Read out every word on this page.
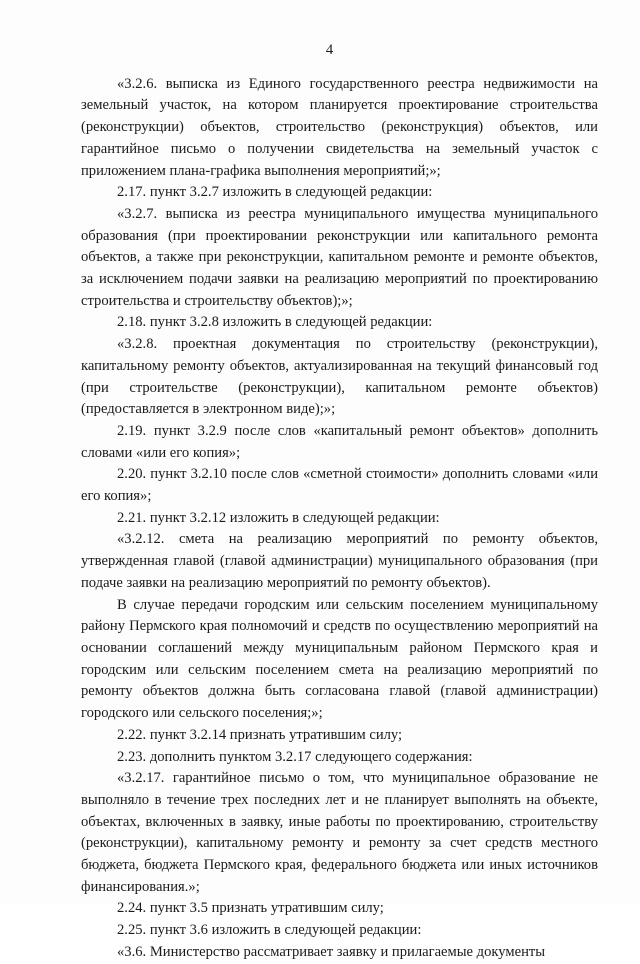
4

«3.2.6. выписка из Единого государственного реестра недвижимости на земельный участок, на котором планируется проектирование строительства (реконструкции) объектов, строительство (реконструкция) объектов, или гарантийное письмо о получении свидетельства на земельный участок с приложением плана-графика выполнения мероприятий;»;

2.17. пункт 3.2.7 изложить в следующей редакции:

«3.2.7. выписка из реестра муниципального имущества муниципального образования (при проектировании реконструкции или капитального ремонта объектов, а также при реконструкции, капитальном ремонте и ремонте объектов, за исключением подачи заявки на реализацию мероприятий по проектированию строительства и строительству объектов);»;

2.18. пункт 3.2.8 изложить в следующей редакции:

«3.2.8. проектная документация по строительству (реконструкции), капитальному ремонту объектов, актуализированная на текущий финансовый год (при строительстве (реконструкции), капитальном ремонте объектов) (предоставляется в электронном виде);»;

2.19. пункт 3.2.9 после слов «капитальный ремонт объектов» дополнить словами «или его копия»;

2.20. пункт 3.2.10 после слов «сметной стоимости» дополнить словами «или его копия»;

2.21. пункт 3.2.12 изложить в следующей редакции:

«3.2.12. смета на реализацию мероприятий по ремонту объектов, утвержденная главой (главой администрации) муниципального образования (при подаче заявки на реализацию мероприятий по ремонту объектов).

В случае передачи городским или сельским поселением муниципальному району Пермского края полномочий и средств по осуществлению мероприятий на основании соглашений между муниципальным районом Пермского края и городским или сельским поселением смета на реализацию мероприятий по ремонту объектов должна быть согласована главой (главой администрации) городского или сельского поселения;»;

2.22. пункт 3.2.14 признать утратившим силу;

2.23. дополнить пунктом 3.2.17 следующего содержания:

«3.2.17. гарантийное письмо о том, что муниципальное образование не выполняло в течение трех последних лет и не планирует выполнять на объекте, объектах, включенных в заявку, иные работы по проектированию, строительству (реконструкции), капитальному ремонту и ремонту за счет средств местного бюджета, бюджета Пермского края, федерального бюджета или иных источников финансирования.»;

2.24. пункт 3.5 признать утратившим силу;

2.25. пункт 3.6 изложить в следующей редакции:

«3.6. Министерство рассматривает заявку и прилагаемые документы
